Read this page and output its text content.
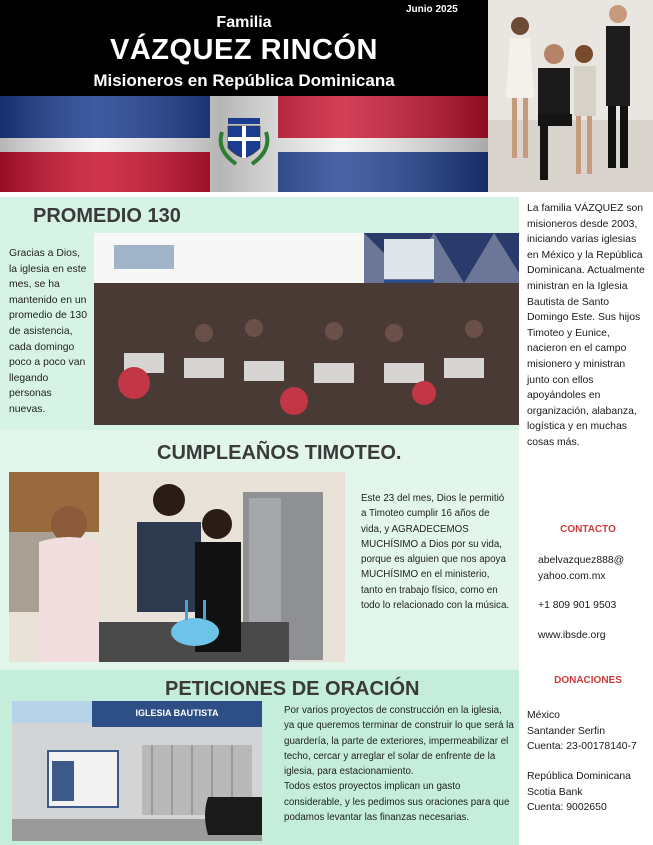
Junio 2025
Familia
VÁZQUEZ RINCÓN
Misioneros en República Dominicana
PROMEDIO 130
Gracias a Dios, la iglesia en este mes, se ha mantenido en un promedio de 130 de asistencia, cada domingo poco a poco van llegando personas nuevas.
CUMPLEAÑOS TIMOTEO.
Este 23 del mes, Dios le permitió a Timoteo cumplir 16 años de vida, y AGRADECEMOS MUCHÍSIMO a Dios por su vida, porque es alguien que nos apoya MUCHÍSIMO en el ministerio, tanto en trabajo físico, como en todo lo relacionado con la música.
PETICIONES DE ORACIÓN
IGLESIA BAUTISTA	Por varios proyectos de construcción en la iglesia, ya que queremos terminar de construir lo que será la guardería, la parte de exteriores, impermeabilizar el techo, cercar y arreglar el solar de enfrente de la iglesia, para estacionamiento.
Todos estos proyectos implican un gasto considerable, y les pedimos sus oraciones para que podamos levantar las finanzas necesarias.
La familia VÁZQUEZ son misioneros desde 2003, iniciando varias iglesias en México y la República Dominicana. Actualmente ministran en la Iglesia Bautista de Santo Domingo Este. Sus hijos Timoteo y Eunice, nacieron en el campo misionero y ministran junto con ellos apoyándoles en organización, alabanza, logística y en muchas cosas más.
CONTACTO
abelvazquez888@
yahoo.com.mx
+1 809 901 9503
www.ibsde.org
DONACIONES
México
Santander Serfin
Cuenta: 23-00178140-7
República Dominicana
Scotia Bank
Cuenta: 9002650
